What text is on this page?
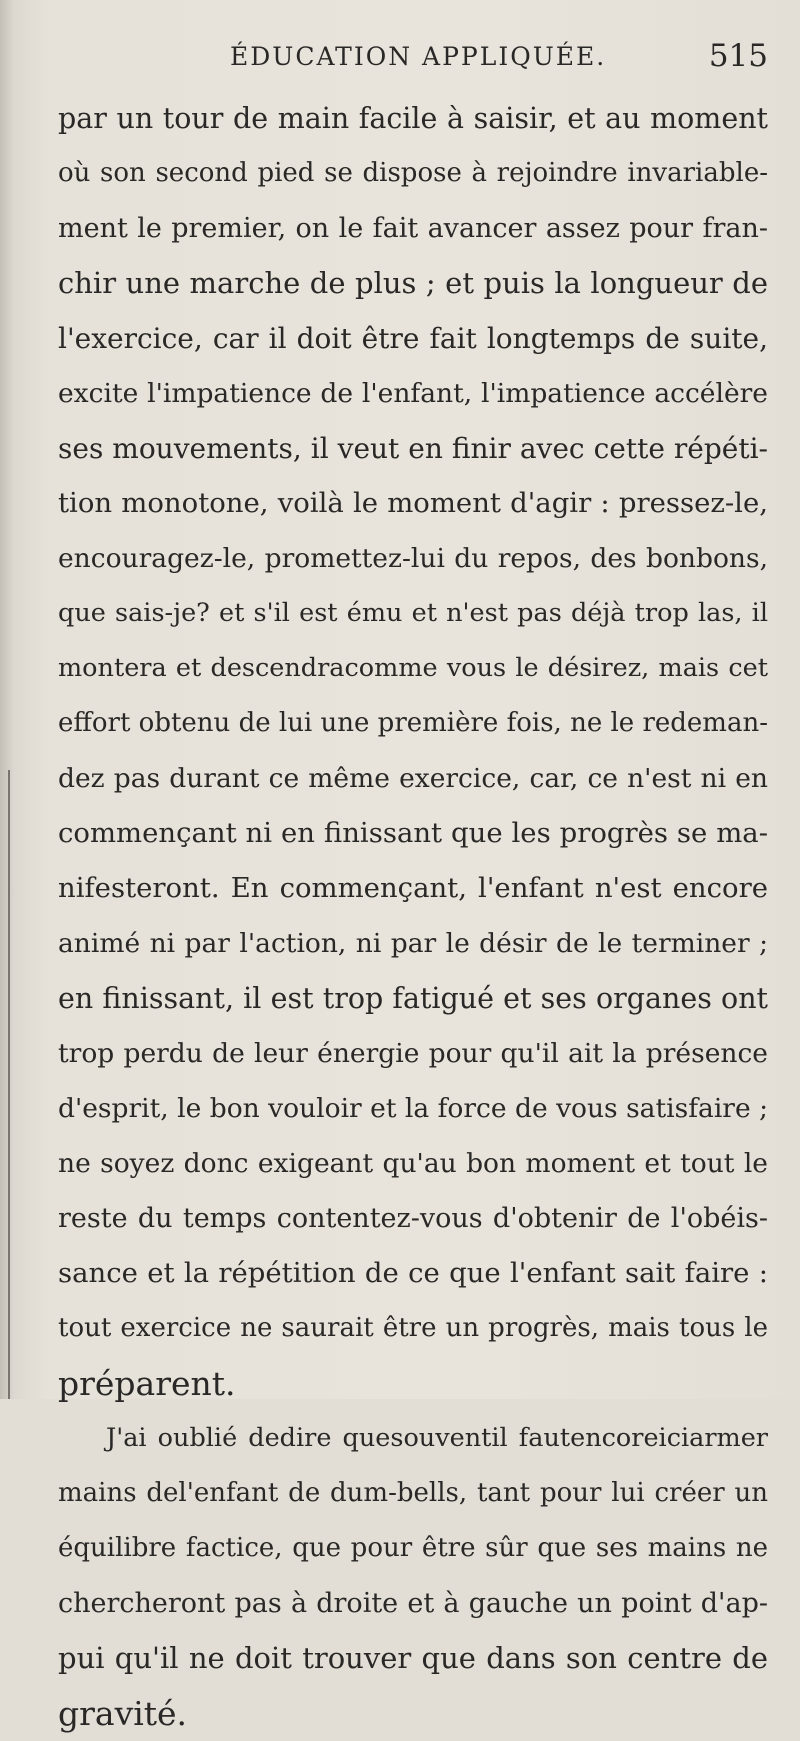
ÉDUCATION APPLIQUÉE.	515
par un tour de main facile à saisir, et au moment
où son second pied se dispose à rejoindre invariable-
ment le premier, on le fait avancer assez pour fran-
chir une marche de plus ; et puis la longueur de
l'exercice, car il doit être fait longtemps de suite,
excite l'impatience de l'enfant, l'impatience accélère
ses mouvements, il veut en finir avec cette répéti-
tion monotone, voilà le moment d'agir : pressez-le,
encouragez-le, promettez-lui du repos, des bonbons,
que sais-je? et s'il est ému et n'est pas déjà trop las, il
montera et descendracomme vous le désirez, mais cet
effort obtenu de lui une première fois, ne le redeman-
dez pas durant ce même exercice, car, ce n'est ni en
commençant ni en finissant que les progrès se ma-
nifesteront. En commençant, l'enfant n'est encore
animé ni par l'action, ni par le désir de le terminer ;
en finissant, il est trop fatigué et ses organes ont
trop perdu de leur énergie pour qu'il ait la présence
d'esprit, le bon vouloir et la force de vous satisfaire ;
ne soyez donc exigeant qu'au bon moment et tout le
reste du temps contentez-vous d'obtenir de l'obéis-
sance et la répétition de ce que l'enfant sait faire :
tout exercice ne saurait être un progrès, mais tous le
préparent.
J'ai oublié dedire quesouventil fautencoreiciarmer
mains del'enfant de dum-bells, tant pour lui créer un
équilibre factice, que pour être sûr que ses mains ne
chercheront pas à droite et à gauche un point d'ap-
pui qu'il ne doit trouver que dans son centre de
gravité.
